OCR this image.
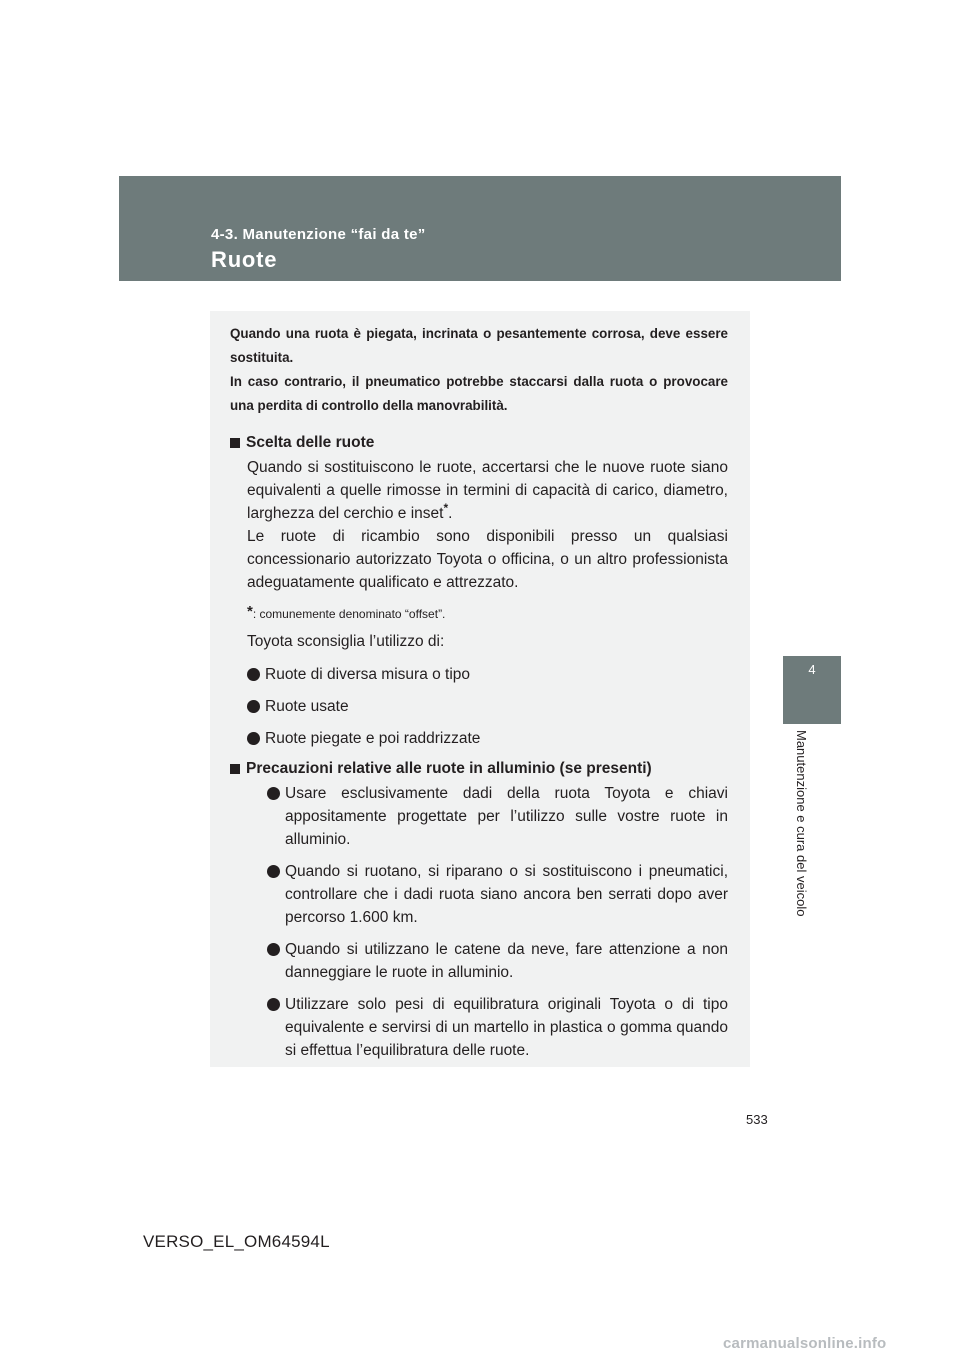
4-3. Manutenzione “fai da te”
Ruote
4
Manutenzione e cura del veicolo

Quando una ruota è piegata, incrinata o pesantemente corrosa, deve essere sostituita.

In caso contrario, il pneumatico potrebbe staccarsi dalla ruota o provocare una perdita di controllo della manovrabilità.

Scelta delle ruote

Quando si sostituiscono le ruote, accertarsi che le nuove ruote siano equivalenti a quelle rimosse in termini di capacità di carico, diametro, larghezza del cerchio e inset*.

Le ruote di ricambio sono disponibili presso un qualsiasi concessionario autorizzato Toyota o officina, o un altro professionista adeguatamente qualificato e attrezzato.

*: comunemente denominato “offset”.
Toyota sconsiglia l’utilizzo di:
Ruote di diversa misura o tipo
Ruote usate
Ruote piegate e poi raddrizzate
Precauzioni relative alle ruote in alluminio (se presenti)
Usare esclusivamente dadi della ruota Toyota e chiavi appositamente progettate per l’utilizzo sulle vostre ruote in alluminio.
Quando si ruotano, si riparano o si sostituiscono i pneumatici, controllare che i dadi ruota siano ancora ben serrati dopo aver percorso 1.600 km.
Quando si utilizzano le catene da neve, fare attenzione a non danneggiare le ruote in alluminio.
Utilizzare solo pesi di equilibratura originali Toyota o di tipo equivalente e servirsi di un martello in plastica o gomma quando si effettua l’equilibratura delle ruote.
533
VERSO_EL_OM64594L
carmanualsonline.info
